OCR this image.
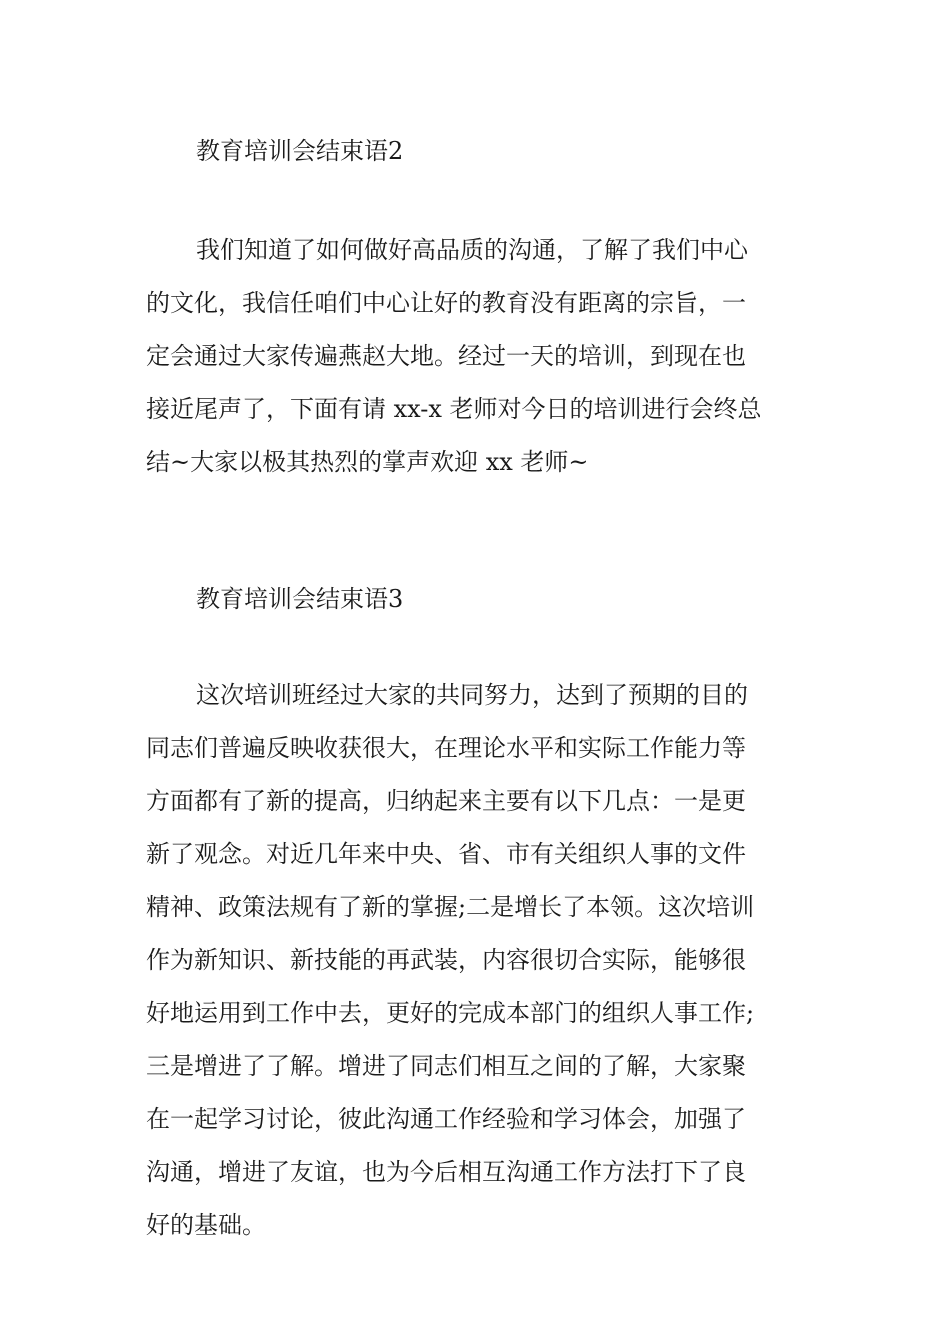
教育培训会结束语2
我们知道了如何做好高品质的沟通，了解了我们中心
的文化，我信任咱们中心让好的教育没有距离的宗旨，一
定会通过大家传遍燕赵大地。经过一天的培训，到现在也
接近尾声了，下面有请 xx-x 老师对今日的培训进行会终总
结~大家以极其热烈的掌声欢迎 xx 老师~
教育培训会结束语3
这次培训班经过大家的共同努力，达到了预期的目的
同志们普遍反映收获很大，在理论水平和实际工作能力等
方面都有了新的提高，归纳起来主要有以下几点：一是更
新了观念。对近几年来中央、省、市有关组织人事的文件
精神、政策法规有了新的掌握;二是增长了本领。这次培训
作为新知识、新技能的再武装，内容很切合实际，能够很
好地运用到工作中去，更好的完成本部门的组织人事工作;
三是增进了了解。增进了同志们相互之间的了解，大家聚
在一起学习讨论，彼此沟通工作经验和学习体会，加强了
沟通，增进了友谊，也为今后相互沟通工作方法打下了良
好的基础。
